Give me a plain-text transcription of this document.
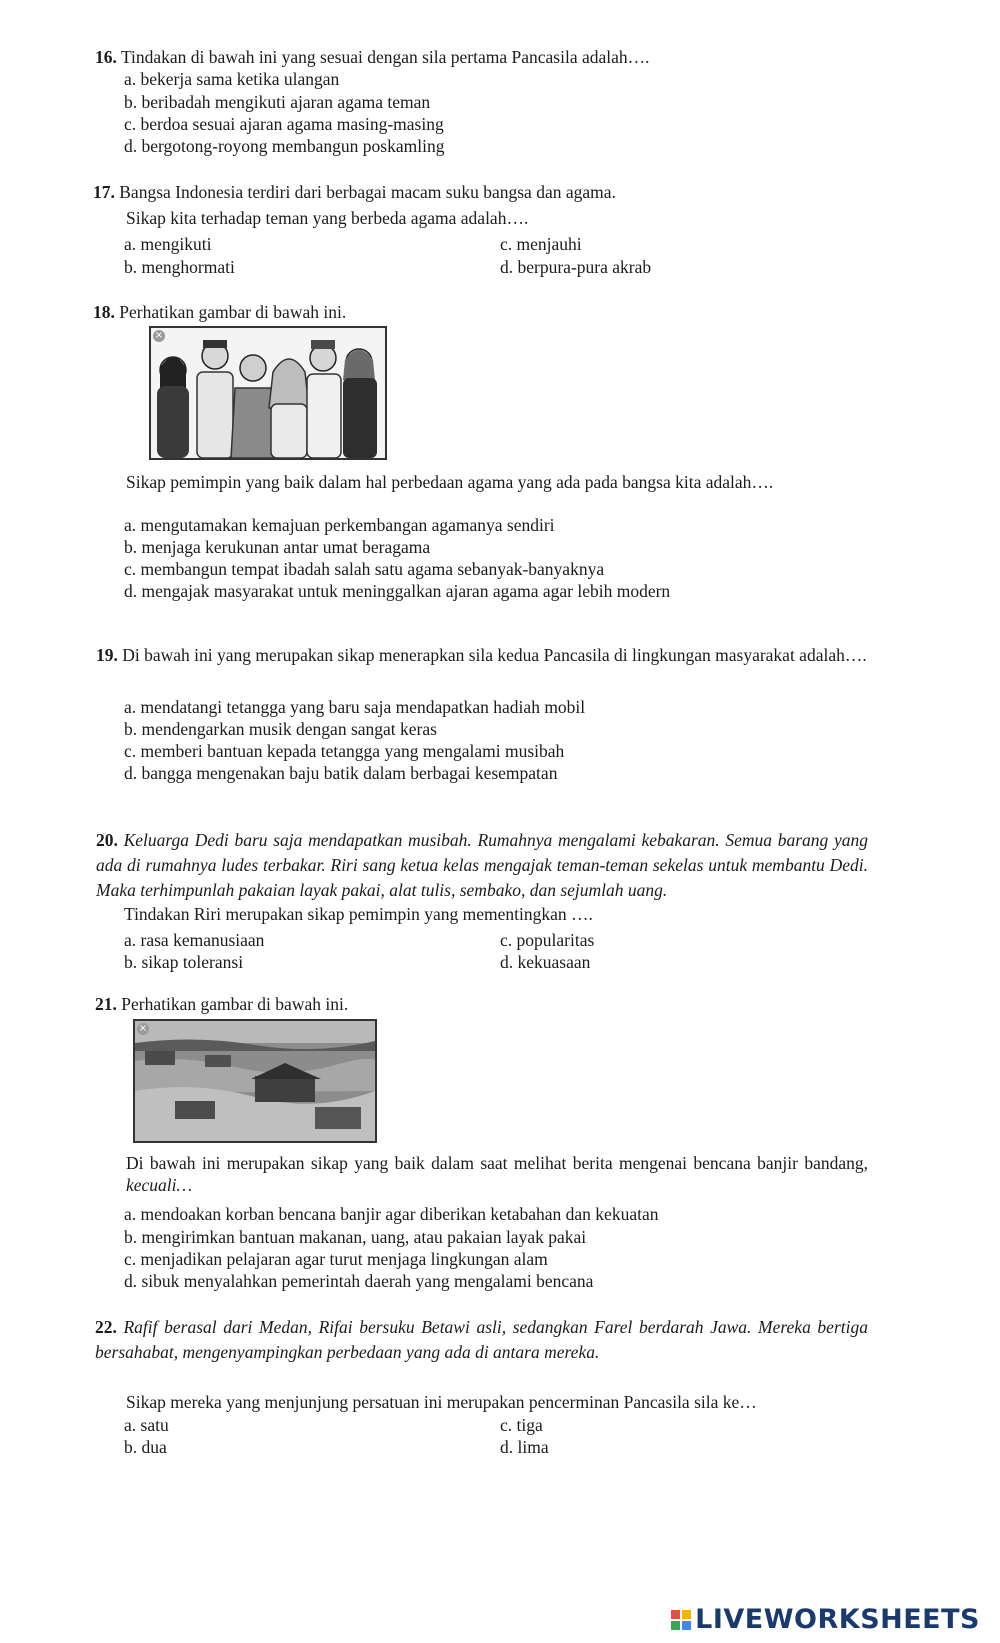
16. Tindakan di bawah ini yang sesuai dengan sila pertama Pancasila adalah….
a. bekerja sama ketika ulangan
b. beribadah mengikuti ajaran agama teman
c. berdoa sesuai ajaran agama masing-masing
d. bergotong-royong membangun poskamling
17. Bangsa Indonesia terdiri dari berbagai macam suku bangsa dan agama.
Sikap kita terhadap teman yang berbeda agama adalah….
a. mengikuti	c. menjauhi
b. menghormati	d. berpura-pura akrab
18. Perhatikan gambar di bawah ini.
×
Sikap pemimpin yang baik dalam hal perbedaan agama yang ada pada bangsa kita adalah….
a. mengutamakan kemajuan perkembangan agamanya sendiri
b. menjaga kerukunan antar umat beragama
c. membangun tempat ibadah salah satu agama sebanyak-banyaknya
d. mengajak masyarakat untuk meninggalkan ajaran agama agar lebih modern
19. Di bawah ini yang merupakan sikap menerapkan sila kedua Pancasila di lingkungan masyarakat adalah….
a. mendatangi tetangga yang baru saja mendapatkan hadiah mobil
b. mendengarkan musik dengan sangat keras
c. memberi bantuan kepada tetangga yang mengalami musibah
d. bangga mengenakan baju batik dalam berbagai kesempatan
20. Keluarga Dedi baru saja mendapatkan musibah. Rumahnya mengalami kebakaran. Semua barang yang ada di rumahnya ludes terbakar. Riri sang ketua kelas mengajak teman-teman sekelas untuk membantu Dedi. Maka terhimpunlah pakaian layak pakai, alat tulis, sembako, dan sejumlah uang.
Tindakan Riri merupakan sikap pemimpin yang mementingkan ….
a. rasa kemanusiaan	c. popularitas
b. sikap toleransi	d. kekuasaan
21. Perhatikan gambar di bawah ini.
×
Di bawah ini merupakan sikap yang baik dalam saat melihat berita mengenai bencana banjir bandang, kecuali…
a. mendoakan korban bencana banjir agar diberikan ketabahan dan kekuatan
b. mengirimkan bantuan makanan, uang, atau pakaian layak pakai
c. menjadikan pelajaran agar turut menjaga lingkungan alam
d. sibuk menyalahkan pemerintah daerah yang mengalami bencana
22. Rafif berasal dari Medan, Rifai bersuku Betawi asli, sedangkan Farel berdarah Jawa. Mereka bertiga bersahabat, mengenyampingkan perbedaan yang ada di antara mereka.
Sikap mereka yang menjunjung persatuan ini merupakan pencerminan Pancasila sila ke…
a. satu	c. tiga
b. dua	d. lima
LIVEWORKSHEETS
